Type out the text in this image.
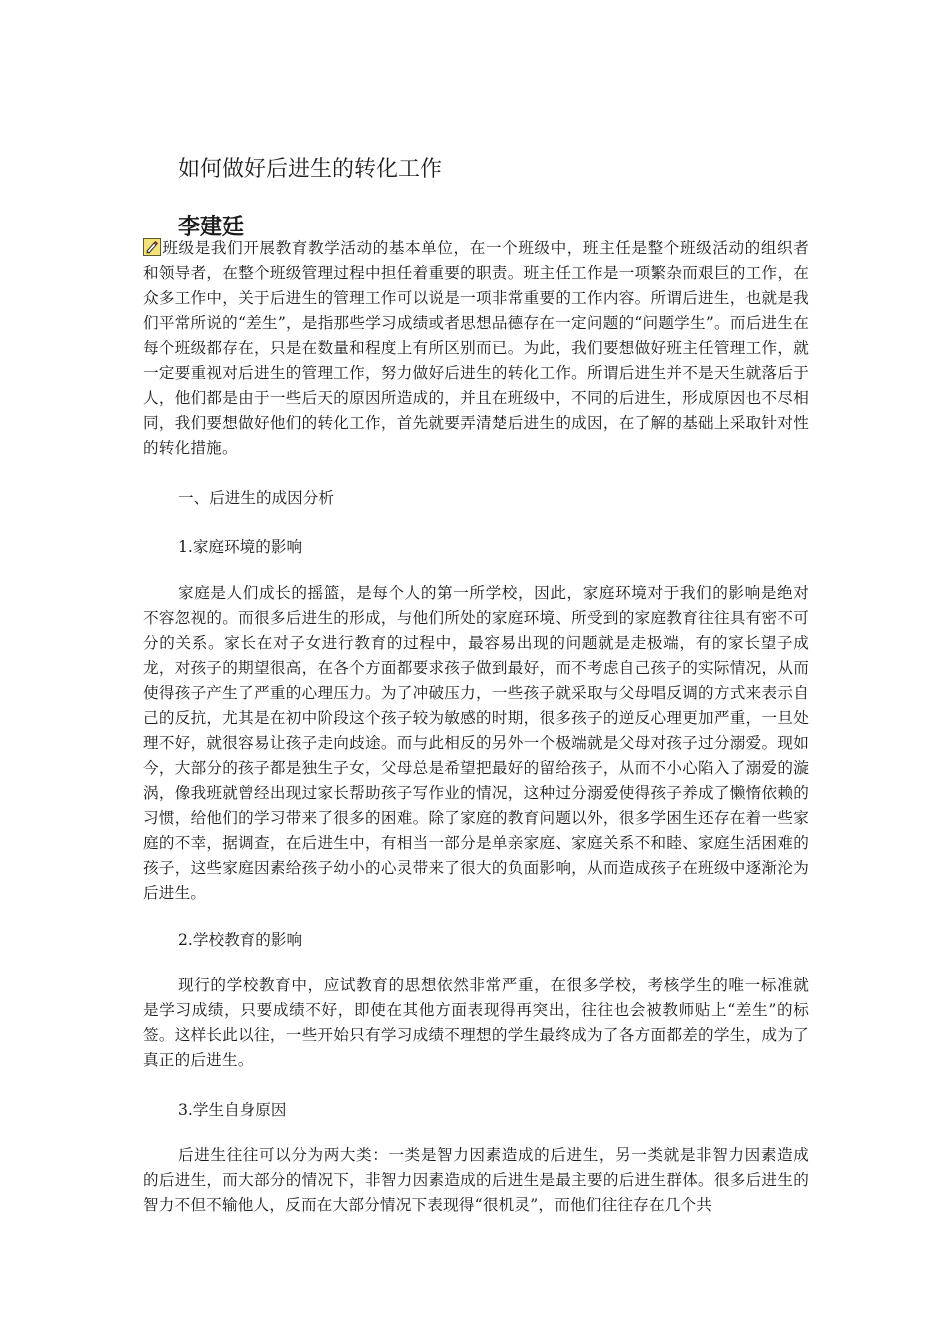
如何做好后进生的转化工作
李建廷

班级是我们开展教育教学活动的基本单位，在一个班级中，班主任是整个班级活动的组织者和领导者，在整个班级管理过程中担任着重要的职责。班主任工作是一项繁杂而艰巨的工作，在众多工作中，关于后进生的管理工作可以说是一项非常重要的工作内容。所谓后进生，也就是我们平常所说的“差生”，是指那些学习成绩或者思想品德存在一定问题的“问题学生”。而后进生在每个班级都存在，只是在数量和程度上有所区别而已。为此，我们要想做好班主任管理工作，就一定要重视对后进生的管理工作，努力做好后进生的转化工作。所谓后进生并不是天生就落后于人，他们都是由于一些后天的原因所造成的，并且在班级中，不同的后进生，形成原因也不尽相同，我们要想做好他们的转化工作，首先就要弄清楚后进生的成因，在了解的基础上采取针对性的转化措施。

一、后进生的成因分析

1.家庭环境的影响

家庭是人们成长的摇篮，是每个人的第一所学校，因此，家庭环境对于我们的影响是绝对不容忽视的。而很多后进生的形成，与他们所处的家庭环境、所受到的家庭教育往往具有密不可分的关系。家长在对子女进行教育的过程中，最容易出现的问题就是走极端，有的家长望子成龙，对孩子的期望很高，在各个方面都要求孩子做到最好，而不考虑自己孩子的实际情况，从而使得孩子产生了严重的心理压力。为了冲破压力，一些孩子就采取与父母唱反调的方式来表示自己的反抗，尤其是在初中阶段这个孩子较为敏感的时期，很多孩子的逆反心理更加严重，一旦处理不好，就很容易让孩子走向歧途。而与此相反的另外一个极端就是父母对孩子过分溺爱。现如今，大部分的孩子都是独生子女，父母总是希望把最好的留给孩子，从而不小心陷入了溺爱的漩涡，像我班就曾经出现过家长帮助孩子写作业的情况，这种过分溺爱使得孩子养成了懒惰依赖的习惯，给他们的学习带来了很多的困难。除了家庭的教育问题以外，很多学困生还存在着一些家庭的不幸，据调查，在后进生中，有相当一部分是单亲家庭、家庭关系不和睦、家庭生活困难的孩子，这些家庭因素给孩子幼小的心灵带来了很大的负面影响，从而造成孩子在班级中逐渐沦为后进生。

2.学校教育的影响

现行的学校教育中，应试教育的思想依然非常严重，在很多学校，考核学生的唯一标准就是学习成绩，只要成绩不好，即使在其他方面表现得再突出，往往也会被教师贴上“差生”的标签。这样长此以往，一些开始只有学习成绩不理想的学生最终成为了各方面都差的学生，成为了真正的后进生。

3.学生自身原因

后进生往往可以分为两大类：一类是智力因素造成的后进生，另一类就是非智力因素造成的后进生，而大部分的情况下，非智力因素造成的后进生是最主要的后进生群体。很多后进生的智力不但不输他人，反而在大部分情况下表现得“很机灵”，而他们往往存在几个共
